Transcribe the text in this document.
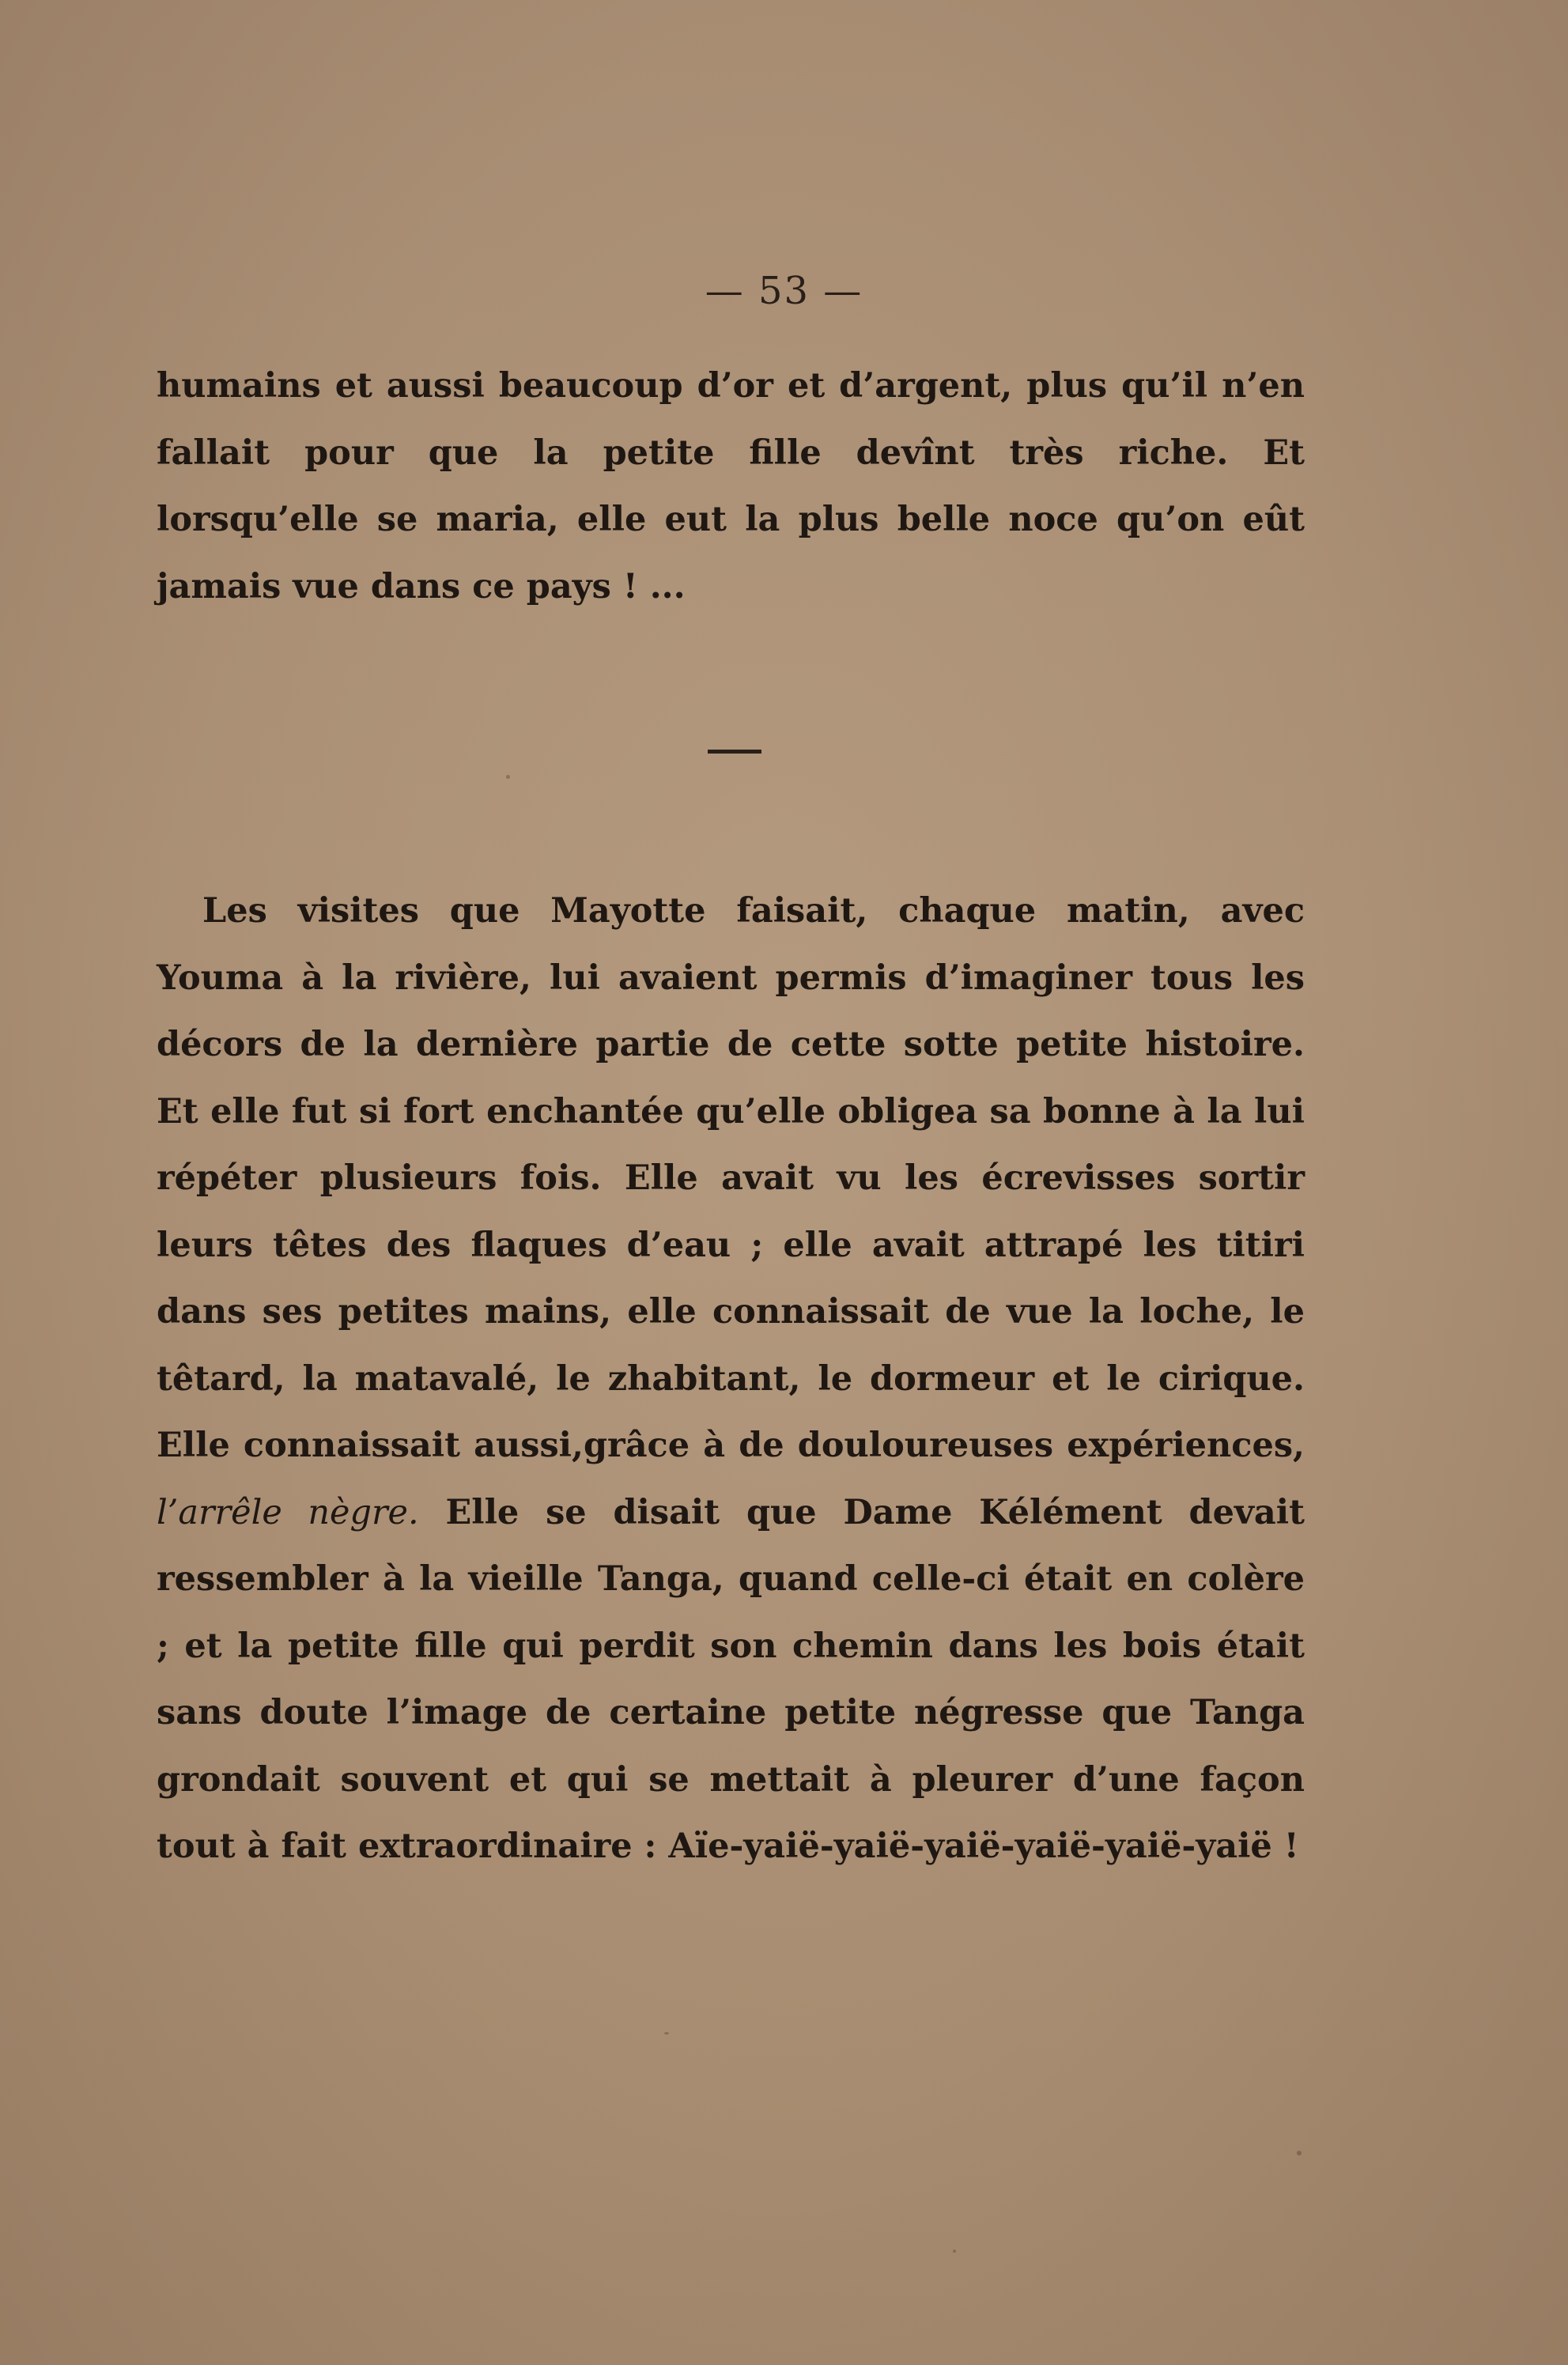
— 53 —

humains et aussi beaucoup d’or et d’argent, plus qu’il n’en fallait pour que la petite fille devînt très riche. Et lorsqu’elle se maria, elle eut la plus belle noce qu’on eût jamais vue dans ce pays ! ...

Les visites que Mayotte faisait, chaque matin, avec Youma à la rivière, lui avaient permis d’imaginer tous les décors de la dernière partie de cette sotte petite histoire. Et elle fut si fort enchantée qu’elle obligea sa bonne à la lui répéter plusieurs fois. Elle avait vu les écrevisses sortir leurs têtes des flaques d’eau ; elle avait attrapé les titiri dans ses petites mains, elle connaissait de vue la loche, le têtard, la matavalé, le zhabitant, le dormeur et le cirique. Elle connaissait aussi,grâce à de douloureuses expériences, l’arrêle nègre. Elle se disait que Dame Kélément devait ressembler à la vieille Tanga, quand celle-ci était en colère ; et la petite fille qui perdit son chemin dans les bois était sans doute l’image de certaine petite négresse que Tanga grondait souvent et qui se mettait à pleurer d’une façon tout à fait extraordinaire : Aïe-yaië-yaië-yaië-yaië-yaië-yaië !
